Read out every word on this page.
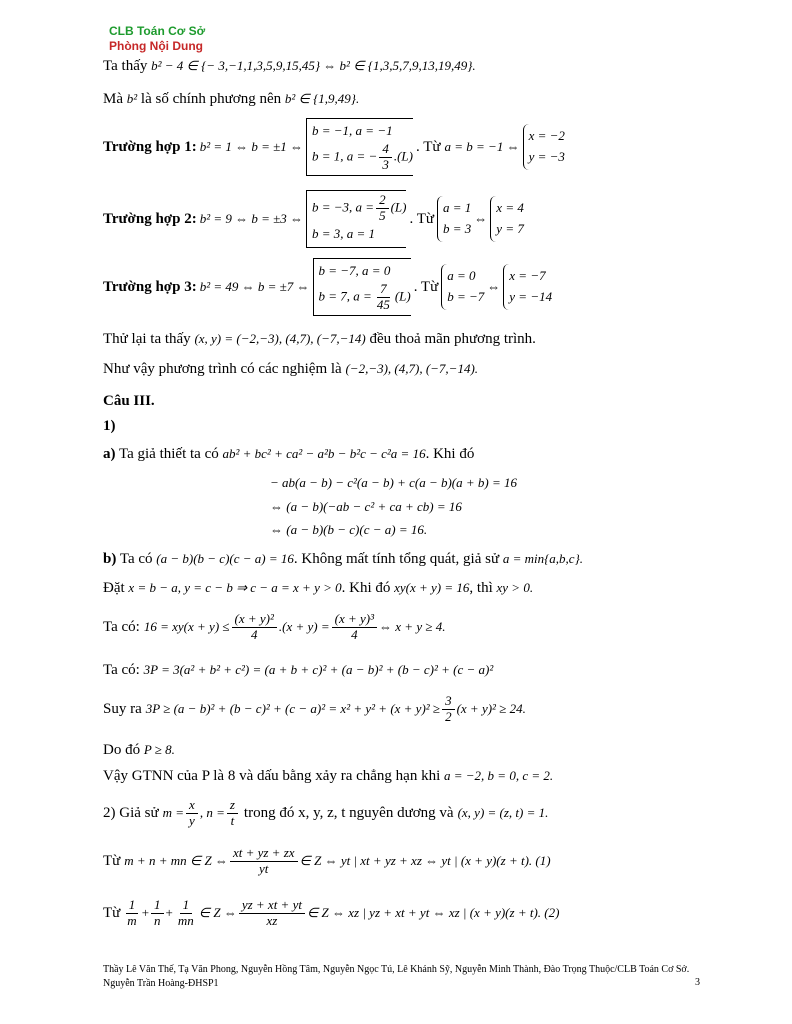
CLB Toán Cơ Sở
Phòng Nội Dung
Ta thấy b² − 4 ∈ {− 3,−1,1,3,5,9,15,45} ⇔ b² ∈ {1,3,5,7,9,13,19,49}.
Mà b² là số chính phương nên b² ∈ {1,9,49}.
Trường hợp 1: b² = 1 ⇔ b = ±1 ⇔
b = −1, a = −1
b = 1, a = − $\frac{4}{3} .(L)$
. Từ a = b = −1 ⇔
x = −2
y = −3
Trường hợp 2: b² = 9 ⇔ b = ±3 ⇔
b = −3, $a = \frac{2}{5} (L)$
b = 3, a = 1
. Từ
a = 1
b = 3
⇔
x = 4
y = 7
Trường hợp 3: b² = 49 ⇔ b = ±7 ⇔
b = −7, a = 0
b = 7, $a = \frac{7}{45} (L)$
. Từ
a = 0
b = −7
⇔
x = −7
y = −14
Thử lại ta thấy (x, y) = (−2,−3), (4,7), (−7,−14) đều thoả mãn phương trình.
Như vậy phương trình có các nghiệm là (−2,−3), (4,7), (−7,−14).
Câu III.
1)
a) Ta giả thiết ta có ab² + bc² + ca² − a²b − b²c − c²a = 16. Khi đó
− ab(a − b) − c²(a − b) + c(a − b)(a + b) = 16
⇔ (a − b)(−ab − c² + ca + cb) = 16
⇔ (a − b)(b − c)(c − a) = 16.
b) Ta có (a − b)(b − c)(c − a) = 16. Không mất tính tổng quát, giả sử a = min{a,b,c}.
Đặt x = b − a, y = c − b ⇒ c − a = x + y > 0. Khi đó xy(x + y) = 16, thì xy > 0.
Ta có: $16 = xy(x + y) \le \frac{\text{(x + y)²}}{4} .(x + y) = \frac{\text{(x + y)³}}{4}$ ⇔ x + y ≥ 4.
Ta có: 3P = 3(a² + b² + c²) = (a + b + c)² + (a − b)² + (b − c)² + (c − a)²
Suy ra $3P \ge (a - b)^2 + (b - c)^2 + (c - a)^2 = x^2 + y^2 + (x + y)^2 \ge \frac{3}{2} (x + y)^2 \ge 24$.
Do đó P ≥ 8.
Vậy GTNN của P là 8 và dấu bằng xảy ra chẳng hạn khi a = −2, b = 0, c = 2.
2) Giả sử $m = \frac{x}{y}$ , $n = \frac{z}{t}$ trong đó x, y, z, t nguyên dương và (x, y) = (z, t) = 1.
Từ m + n + mn ∈ Z ⇔ $\frac{xt + yz + zx}{yt}$ ∈ Z ⇔ yt | xt + yz + xz ⇔ yt | (x + y)(z + t). (1)
Từ $\frac{1}{m} + \frac{1}{n} + \frac{1}{mn}$ ∈ Z ⇔ $\frac{yz + xt + yt}{xz}$ ∈ Z ⇔ xz | yz + xt + yt ⇔ xz | (x + y)(z + t). (2)
Thầy Lê Văn Thế, Tạ Văn Phong, Nguyễn Hồng Tâm, Nguyễn Ngọc Tú, Lê Khánh Sỹ, Nguyễn Minh Thành, Đào Trọng Thuộc/CLB Toán Cơ Sở. Nguyễn Trần Hoàng-ĐHSP1	3
